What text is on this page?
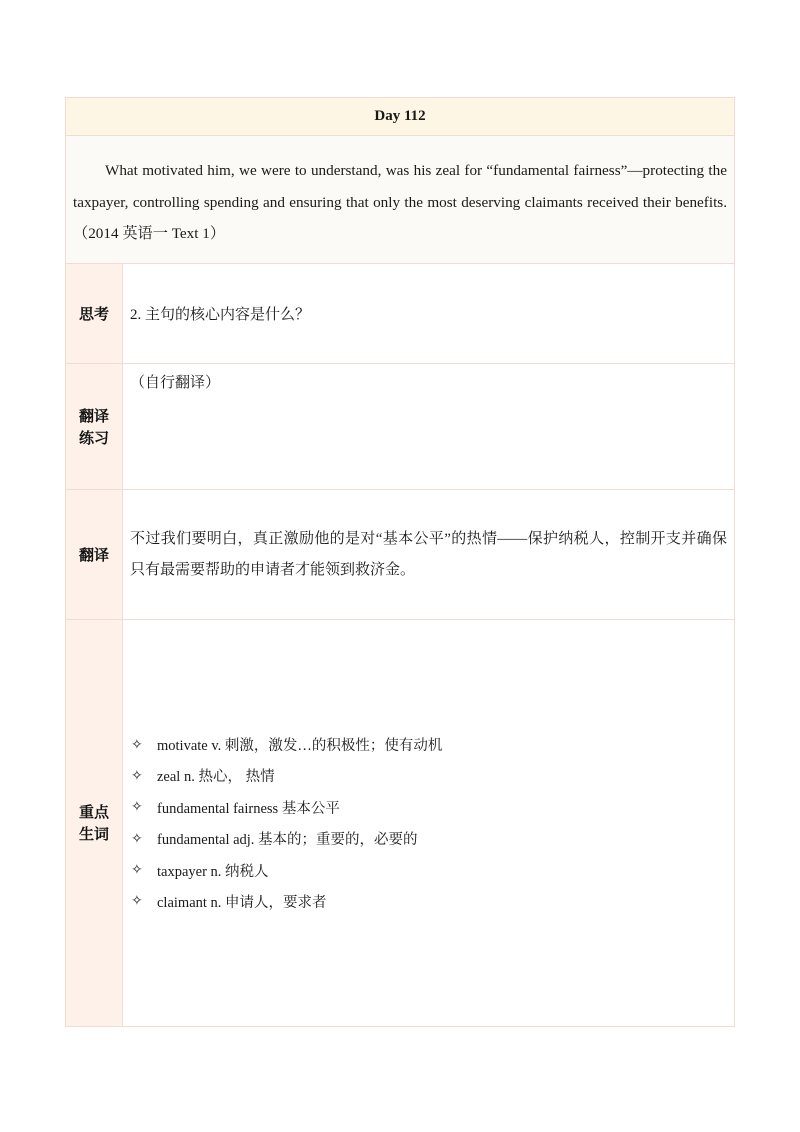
Day 112
What motivated him, we were to understand, was his zeal for “fundamental fairness”—protecting the taxpayer, controlling spending and ensuring that only the most deserving claimants received their benefits.（2014 英语一 Text 1）
思考	2. 主句的核心内容是什么？
翻译
练习
（自行翻译）
翻译
不过我们要明白，真正激励他的是对“基本公平”的热情——保护纳税人，控制开支并确保只有最需要帮助的申请者才能领到救济金。
重点
生词
✧ motivate v. 刺激，激发…的积极性；使有动机
✧ zeal n. 热心， 热情
✧ fundamental fairness 基本公平
✧ fundamental adj. 基本的；重要的，必要的
✧ taxpayer n. 纳税人
✧ claimant n. 申请人，要求者
